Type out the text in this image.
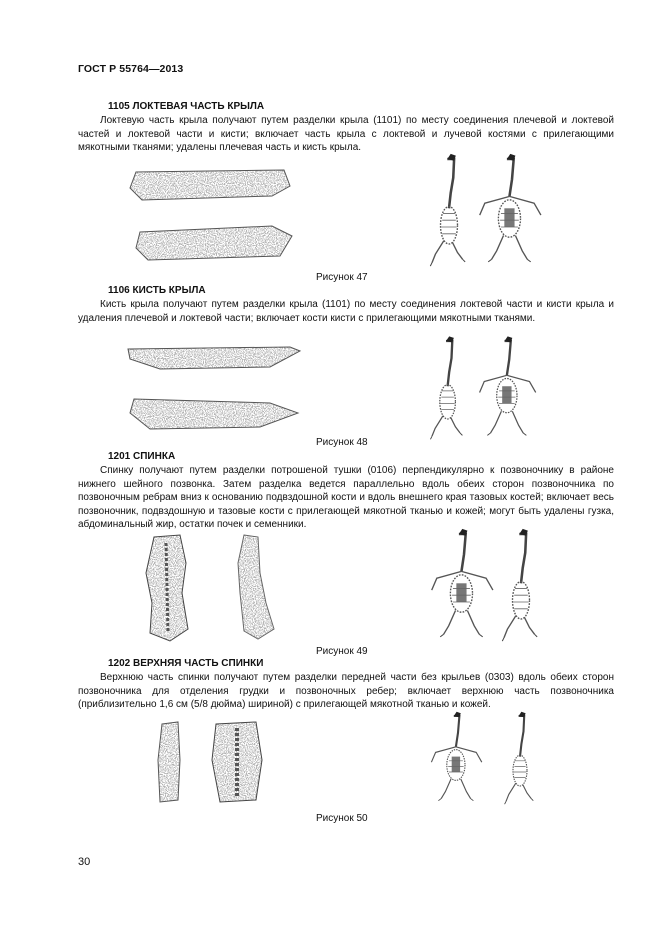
ГОСТ Р 55764—2013
1105 ЛОКТЕВАЯ ЧАСТЬ КРЫЛА
Локтевую часть крыла получают путем разделки крыла (1101) по месту соединения плечевой и локтевой частей и локтевой части и кисти; включает часть крыла с локтевой и лучевой костями с прилегающими мякотными тканями; удалены плечевая часть и кисть крыла.
Рисунок 47
1106 КИСТЬ КРЫЛА
Кисть крыла получают путем разделки крыла (1101) по месту соединения локтевой части и кисти крыла и удаления плечевой и локтевой части; включает кости кисти с прилегающими мякотными тканями.
Рисунок 48
1201 СПИНКА
Спинку получают путем разделки потрошеной тушки (0106) перпендикулярно к позвоночнику в районе нижнего шейного позвонка. Затем разделка ведется параллельно вдоль обеих сторон позвоночника по позвоночным ребрам вниз к основанию подвздошной кости и вдоль внешнего края тазовых костей; включает весь позвоночник, подвздошную и тазовые кости с прилегающей мякотной тканью и кожей; могут быть удалены гузка, абдоминальный жир, остатки почек и семенники.
Рисунок 49
1202 ВЕРХНЯЯ ЧАСТЬ СПИНКИ
Верхнюю часть спинки получают путем разделки передней части без крыльев (0303) вдоль обеих сторон позвоночника для отделения грудки и позвоночных ребер; включает верхнюю часть позвоночника (приблизительно 1,6 см (5/8 дюйма) шириной) с прилегающей мякотной тканью и кожей.
Рисунок 50
30
